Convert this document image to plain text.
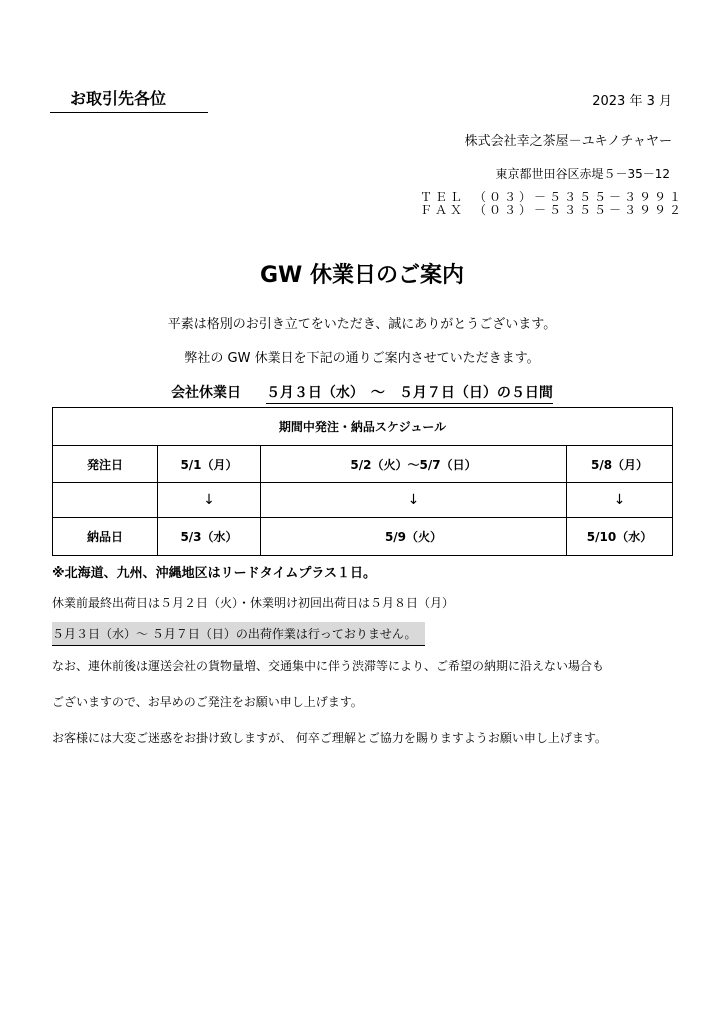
お取引先各位	2023 年 3 月
株式会社幸之茶屋－ユキノチャヤー
東京都世田谷区赤堤５－35－12
ＴＥＬ　（０３）－５３５５－３９９１
ＦＡＸ　（０３）－５３５５－３９９２
GW 休業日のご案内
平素は格別のお引き立てをいただき、誠にありがとうございます。
弊社の GW 休業日を下記の通りご案内させていただきます。
会社休業日 ５月３日（水）　～　５月７日（日）の５日間
期間中発注・納品スケジュール			
発注日	5/1（月）	5/2（火）～5/7（日）	5/8（月）
	↓	↓	↓
納品日	5/3（水）	5/9（火）	5/10（水）
※北海道、九州、沖縄地区はリードタイムプラス１日。
休業前最終出荷日は５月２日（火）・休業明け初回出荷日は５月８日（月）
５月３日（水）～ ５月７日（日）の出荷作業は行っておりません。
なお、連休前後は運送会社の貨物量増、交通集中に伴う渋滞等により、ご希望の納期に沿えない場合も
ございますので、お早めのご発注をお願い申し上げます。
お客様には大変ご迷惑をお掛け致しますが、 何卒ご理解とご協力を賜りますようお願い申し上げます。
